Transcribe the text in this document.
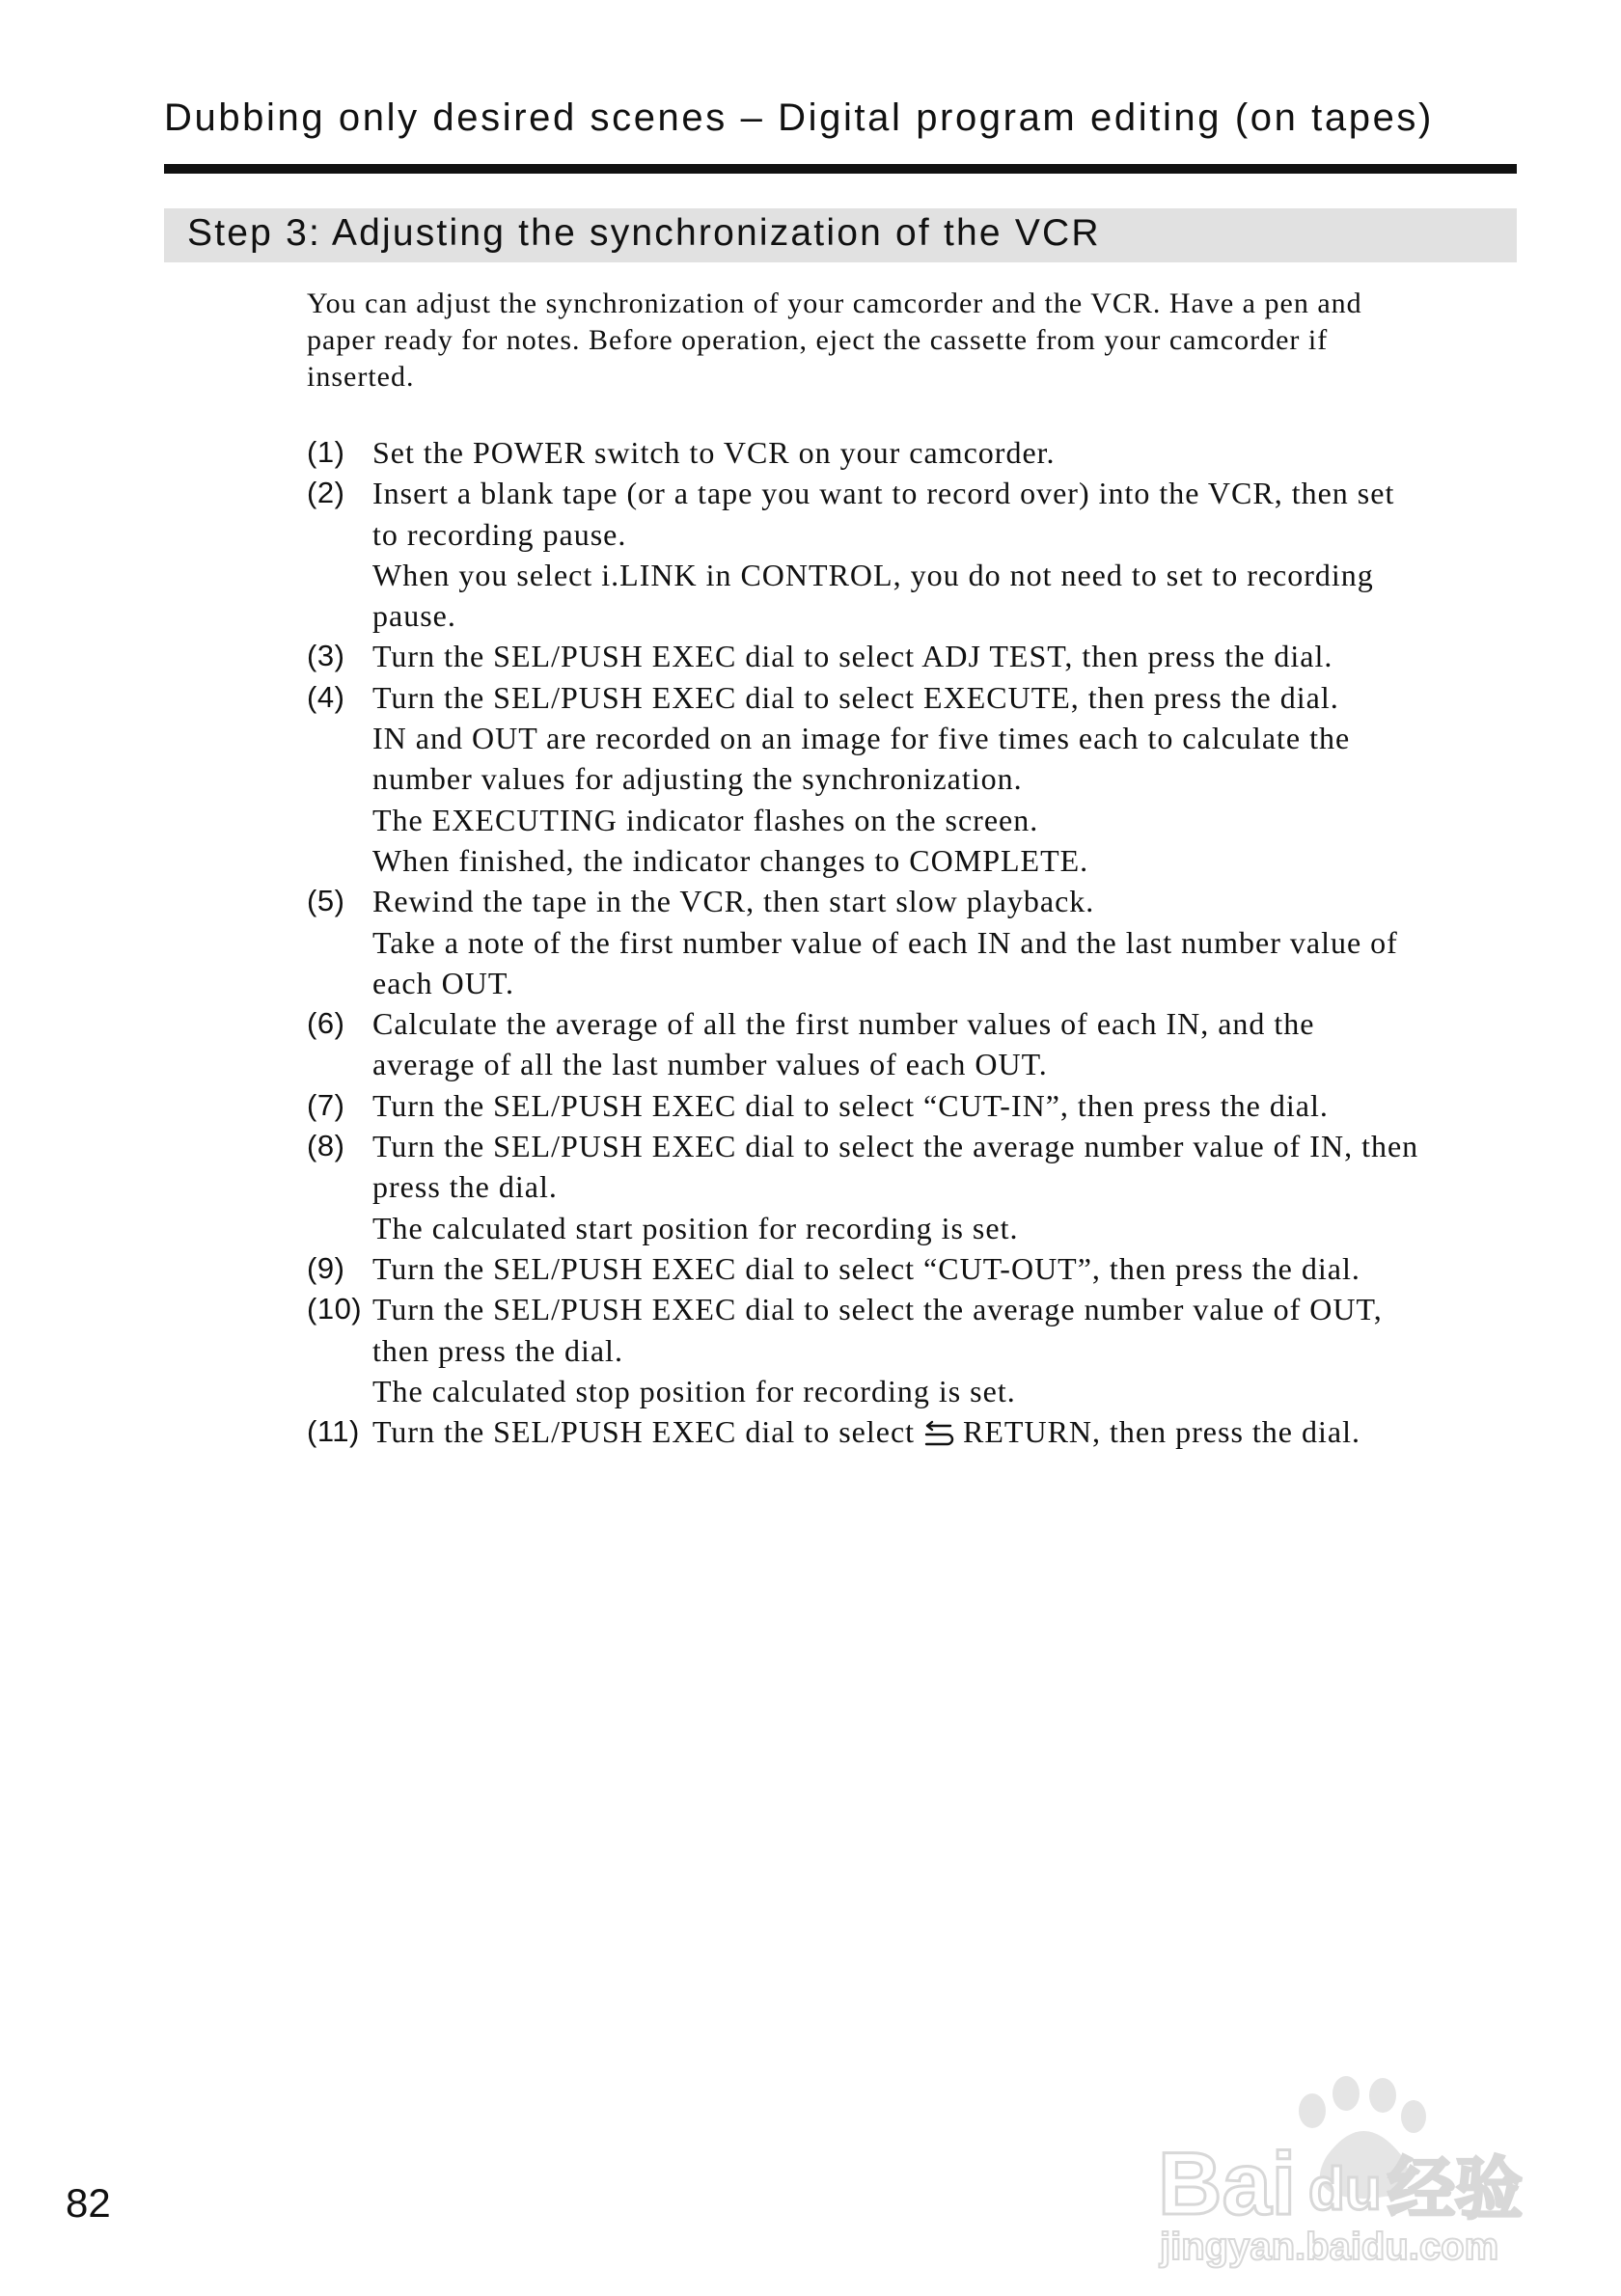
Dubbing only desired scenes – Digital program editing (on tapes)
Step 3: Adjusting the synchronization of the VCR

You can adjust the synchronization of your camcorder and the VCR. Have a pen and
paper ready for notes. Before operation, eject the cassette from your camcorder if
inserted.

(1) Set the POWER switch to VCR on your camcorder.
(2) Insert a blank tape (or a tape you want to record over) into the VCR, then set
to recording pause.
When you select i.LINK in CONTROL, you do not need to set to recording
pause.
(3) Turn the SEL/PUSH EXEC dial to select ADJ TEST, then press the dial.
(4) Turn the SEL/PUSH EXEC dial to select EXECUTE, then press the dial.
IN and OUT are recorded on an image for five times each to calculate the
number values for adjusting the synchronization.
The EXECUTING indicator flashes on the screen.
When finished, the indicator changes to COMPLETE.
(5) Rewind the tape in the VCR, then start slow playback.
Take a note of the first number value of each IN and the last number value of
each OUT.
(6) Calculate the average of all the first number values of each IN, and the
average of all the last number values of each OUT.
(7) Turn the SEL/PUSH EXEC dial to select “CUT-IN”, then press the dial.
(8) Turn the SEL/PUSH EXEC dial to select the average number value of IN, then
press the dial.
The calculated start position for recording is set.
(9) Turn the SEL/PUSH EXEC dial to select “CUT-OUT”, then press the dial.
(10) Turn the SEL/PUSH EXEC dial to select the average number value of OUT,
then press the dial.
The calculated stop position for recording is set.
(11) Turn the SEL/PUSH EXEC dial to select RETURN, then press the dial.
82	Bai du 经验
jingyan.baidu.com
